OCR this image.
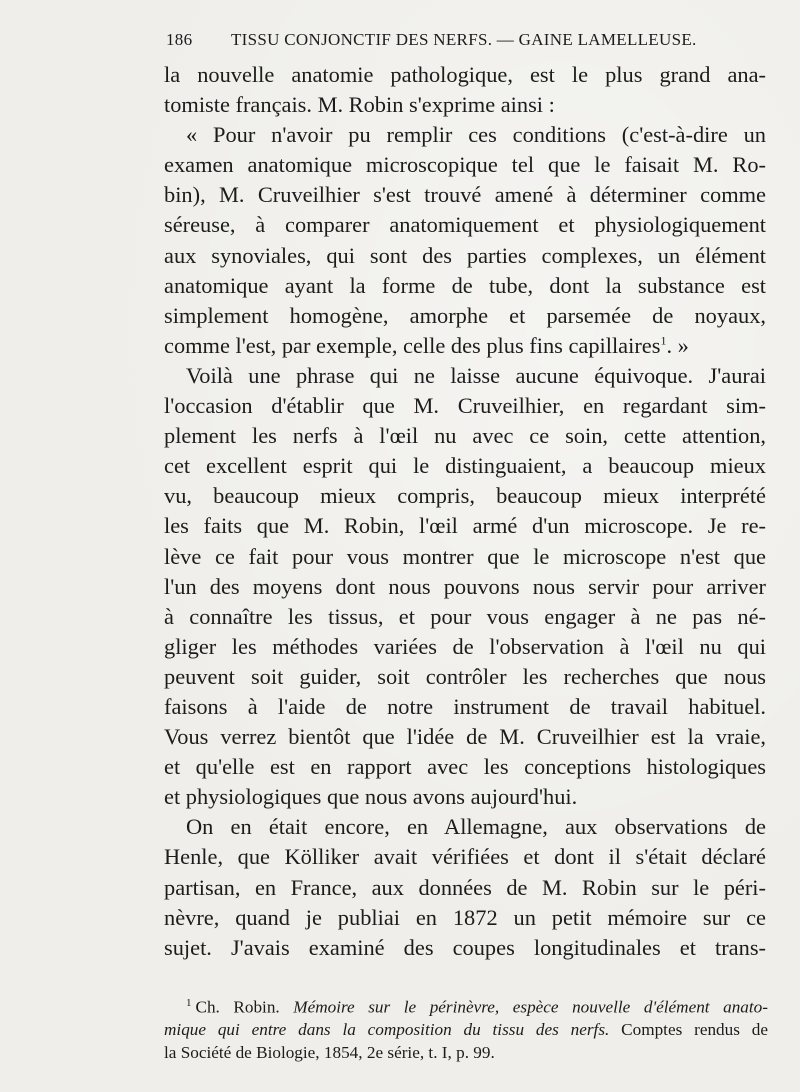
186	TISSU CONJONCTIF DES NERFS. — GAINE LAMELLEUSE.
la nouvelle anatomie pathologique, est le plus grand ana-
tomiste français. M. Robin s'exprime ainsi :
« Pour n'avoir pu remplir ces conditions (c'est-à-dire un
examen anatomique microscopique tel que le faisait M. Ro-
bin), M. Cruveilhier s'est trouvé amené à déterminer comme
séreuse, à comparer anatomiquement et physiologiquement
aux synoviales, qui sont des parties complexes, un élément
anatomique ayant la forme de tube, dont la substance est
simplement homogène, amorphe et parsemée de noyaux,
comme l'est, par exemple, celle des plus fins capillaires$^1$. »
Voilà une phrase qui ne laisse aucune équivoque. J'aurai
l'occasion d'établir que M. Cruveilhier, en regardant sim-
plement les nerfs à l'œil nu avec ce soin, cette attention,
cet excellent esprit qui le distinguaient, a beaucoup mieux
vu, beaucoup mieux compris, beaucoup mieux interprété
les faits que M. Robin, l'œil armé d'un microscope. Je re-
lève ce fait pour vous montrer que le microscope n'est que
l'un des moyens dont nous pouvons nous servir pour arriver
à connaître les tissus, et pour vous engager à ne pas né-
gliger les méthodes variées de l'observation à l'œil nu qui
peuvent soit guider, soit contrôler les recherches que nous
faisons à l'aide de notre instrument de travail habituel.
Vous verrez bientôt que l'idée de M. Cruveilhier est la vraie,
et qu'elle est en rapport avec les conceptions histologiques
et physiologiques que nous avons aujourd'hui.
On en était encore, en Allemagne, aux observations de
Henle, que Kölliker avait vérifiées et dont il s'était déclaré
partisan, en France, aux données de M. Robin sur le péri-
nèvre, quand je publiai en 1872 un petit mémoire sur ce
sujet. J'avais examiné des coupes longitudinales et trans-
$^1$ Ch. Robin. Mémoire sur le périnèvre, espèce nouvelle d'élément anato-
mique qui entre dans la composition du tissu des nerfs. Comptes rendus de
la Société de Biologie, 1854, 2e série, t. I, p. 99.
